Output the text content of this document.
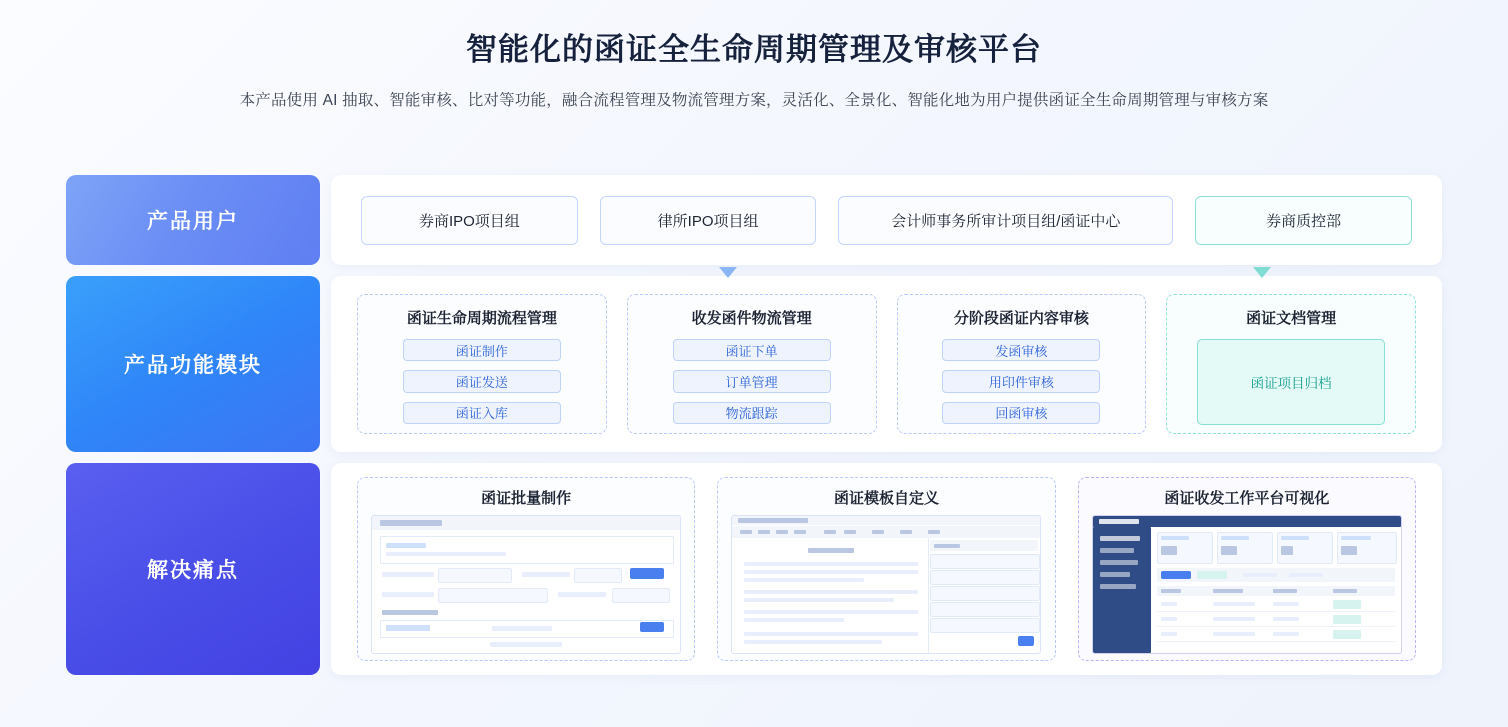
智能化的函证全生命周期管理及审核平台
本产品使用 AI 抽取、智能审核、比对等功能，融合流程管理及物流管理方案，灵活化、全景化、智能化地为用户提供函证全生命周期管理与审核方案
产品用户	券商IPO项目组	律所IPO项目组	会计师事务所审计项目组/函证中心	券商质控部
产品功能模块
函证生命周期流程管理
函证制作
函证发送
函证入库
收发函件物流管理
函证下单
订单管理
物流跟踪
分阶段函证内容审核
发函审核
用印件审核
回函审核
函证文档管理
函证项目归档
解决痛点
函证批量制作	函证模板自定义	函证收发工作平台可视化
